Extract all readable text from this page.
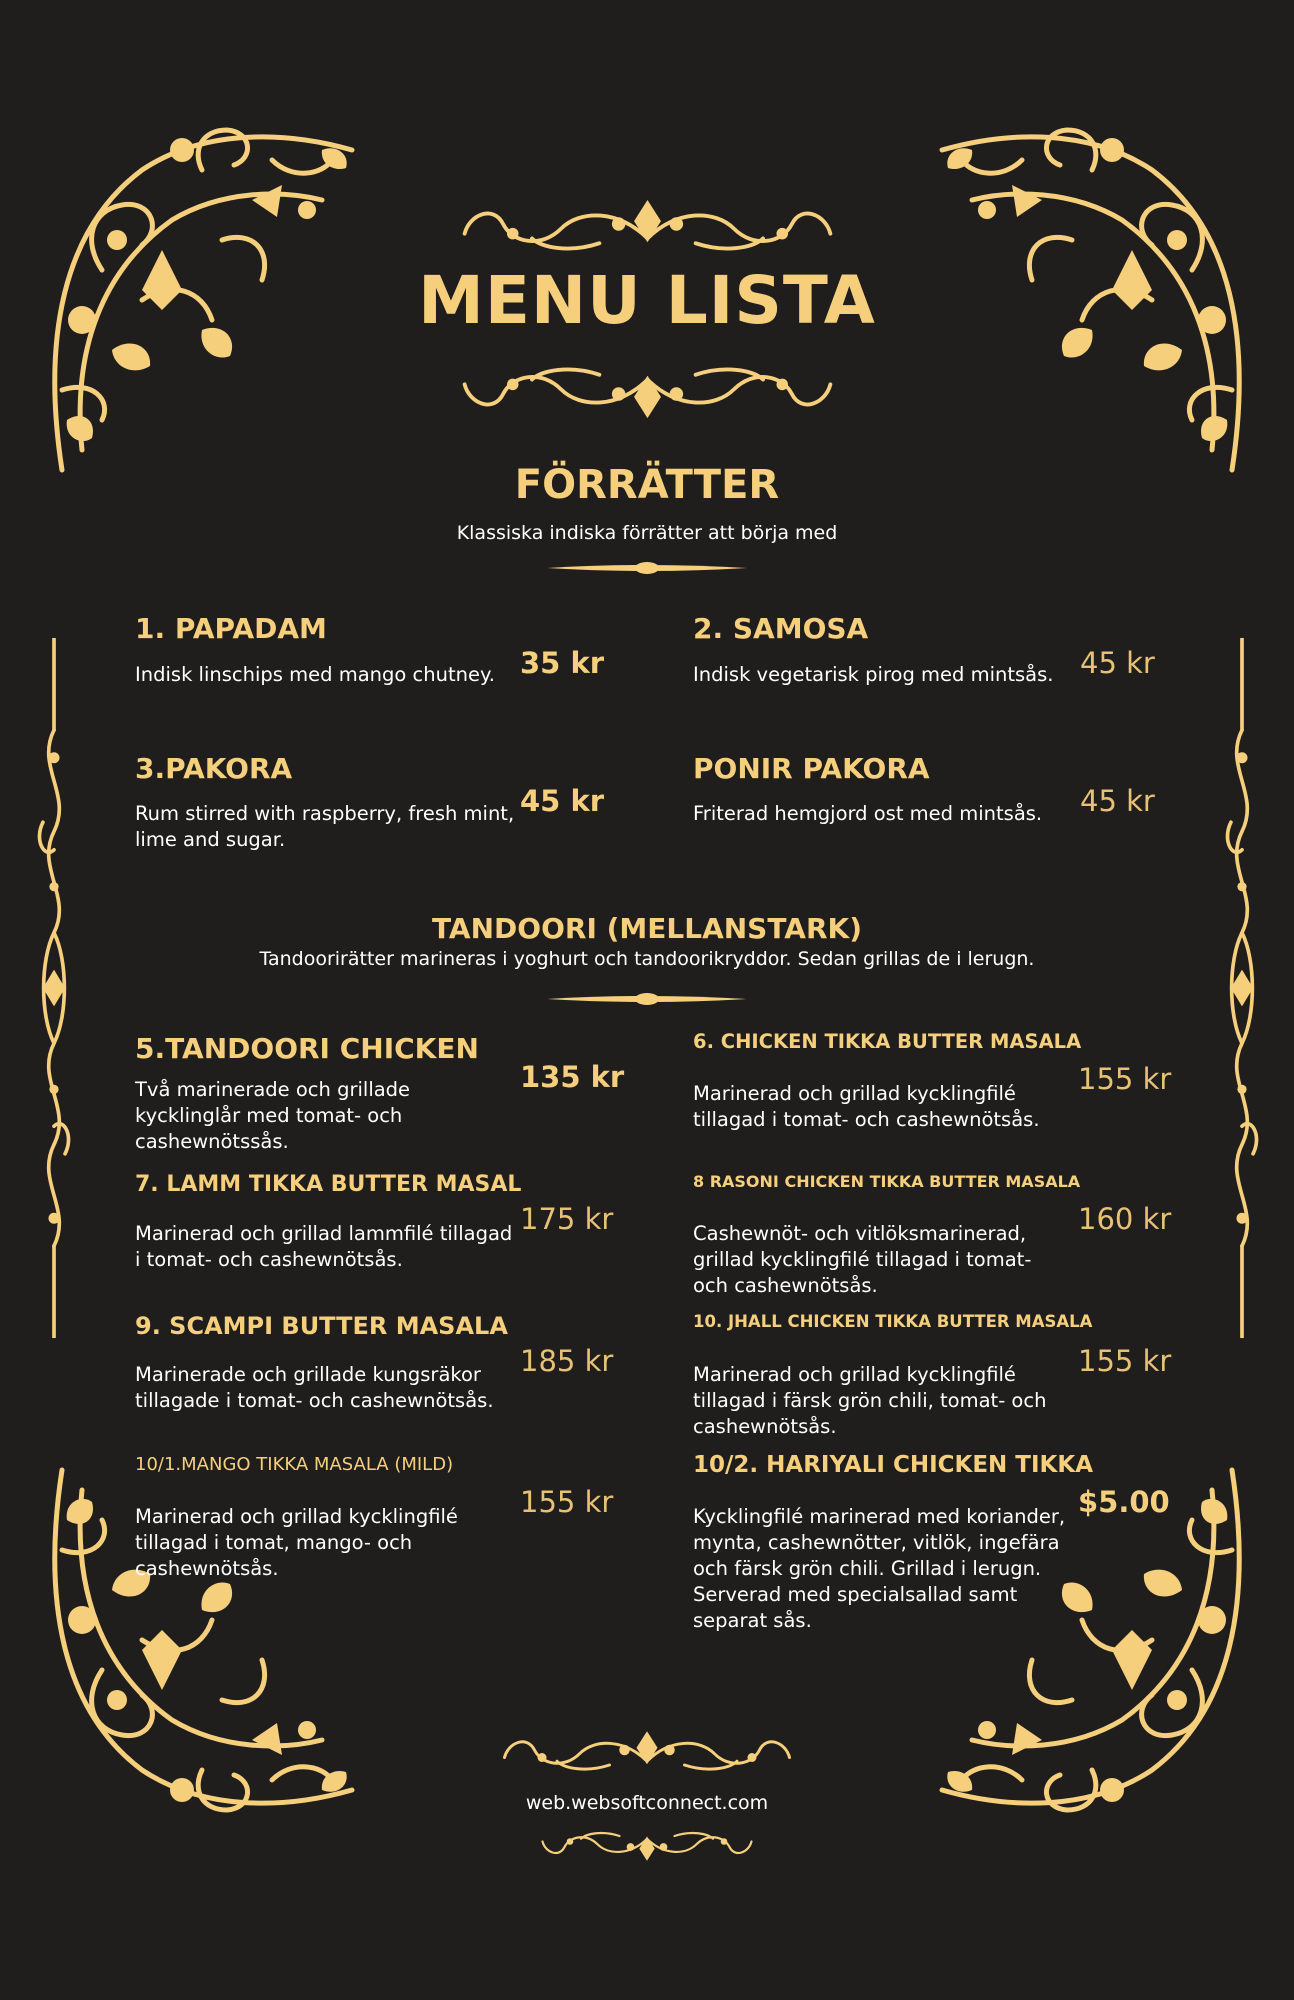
MENU LISTA
FÖRRÄTTER
Klassiska indiska förrätter att börja med
1. PAPADAM
Indisk linschips med mango chutney. 35 kr
2. SAMOSA
Indisk vegetarisk pirog med mintsås. 45 kr
3.PAKORA
Rum stirred with raspberry, fresh mint, lime and sugar.
45 kr
PONIR PAKORA
Friterad hemgjord ost med mintsås.	45 kr
TANDOORI (MELLANSTARK)
Tandoorirätter marineras i yoghurt och tandoorikryddor. Sedan grillas de i lerugn.
5.TANDOORI CHICKEN
Två marinerade och grillade kycklinglår med tomat- och cashewnötssås.
135 kr
6. CHICKEN TIKKA BUTTER MASALA
Marinerad och grillad kycklingfilé tillagad i tomat- och cashewnötsås.
155 kr
7. LAMM TIKKA BUTTER MASAL
Marinerad och grillad lammfilé tillagad i tomat- och cashewnötsås.
175 kr
8 RASONI CHICKEN TIKKA BUTTER MASALA
Cashewnöt- och vitlöksmarinerad, grillad kycklingfilé tillagad i tomat- och cashewnötsås.
160 kr
9. SCAMPI BUTTER MASALA
Marinerade och grillade kungsräkor tillagade i tomat- och cashewnötsås.
185 kr
10. JHALL CHICKEN TIKKA BUTTER MASALA
Marinerad och grillad kycklingfilé tillagad i färsk grön chili, tomat- och cashewnötsås.
155 kr
10/1.MANGO TIKKA MASALA (MILD)
Marinerad och grillad kycklingfilé tillagad i tomat, mango- och cashewnötsås.
155 kr
10/2. HARIYALI CHICKEN TIKKA
Kycklingfilé marinerad med koriander, mynta, cashewnötter, vitlök, ingefära och färsk grön chili. Grillad i lerugn. Serverad med specialsallad samt separat sås.
$5.00
web.websoftconnect.com
